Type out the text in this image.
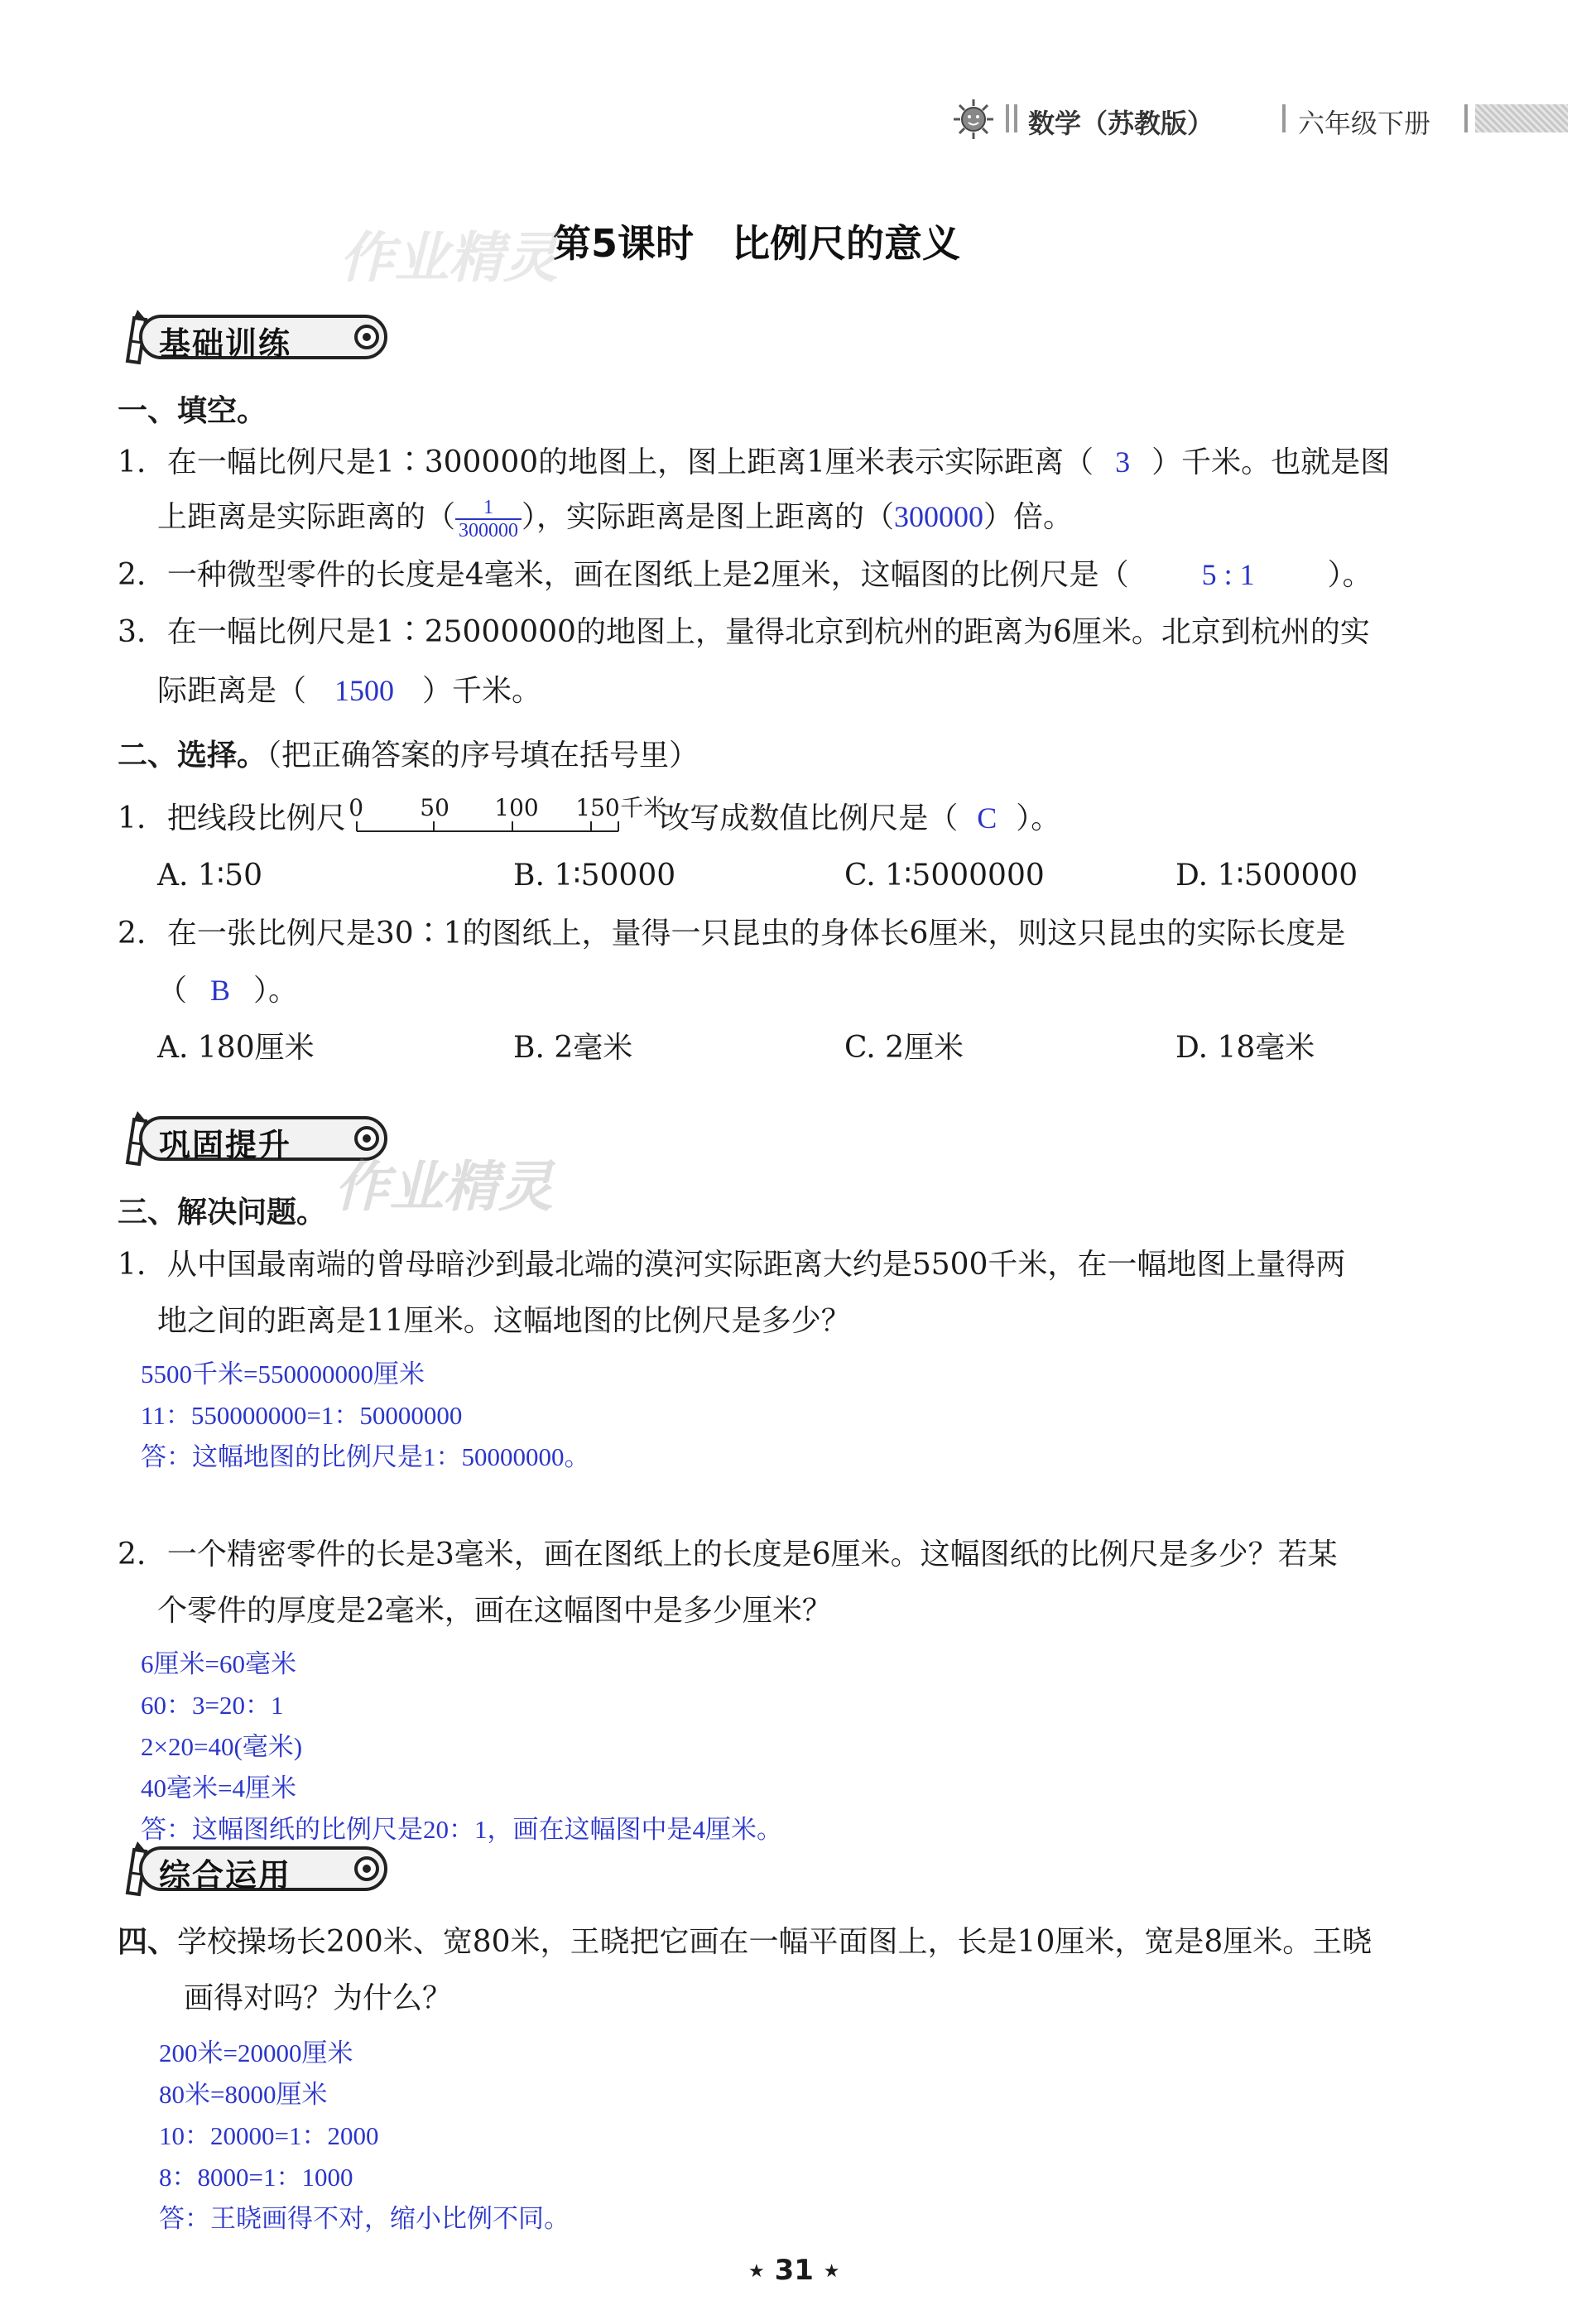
数学（苏教版）	六年级下册
第5课时　比例尺的意义
作业精灵
基础训练
一、填空。
1. 在一幅比例尺是1∶300000的地图上，图上距离1厘米表示实际距离（ 3 ）千米。也就是图
上距离是实际距离的（ $\frac{1}{300000}$ ），实际距离是图上距离的（300000）倍。
2. 一种微型零件的长度是4毫米，画在图纸上是2厘米，这幅图的比例尺是（ 5 : 1 ）。
3. 在一幅比例尺是1∶25000000的地图上，量得北京到杭州的距离为6厘米。北京到杭州的实
际距离是（ 1500 ）千米。
二、选择。（把正确答案的序号填在括号里）
1. 把线段比例尺 0 50 100 150 千米
改写成数值比例尺是（ C ）。
A. 1∶50	B. 1∶50000	C. 1∶5000000	D. 1∶500000
2. 在一张比例尺是30∶1的图纸上，量得一只昆虫的身体长6厘米，则这只昆虫的实际长度是
（ B ）。
A. 180厘米	B. 2毫米	C. 2厘米	D. 18毫米
巩固提升
作业精灵
三、解决问题。
1. 从中国最南端的曾母暗沙到最北端的漠河实际距离大约是5500千米，在一幅地图上量得两
地之间的距离是11厘米。这幅地图的比例尺是多少？
5500千米=550000000厘米
11：550000000=1：50000000
答：这幅地图的比例尺是1：50000000。
2. 一个精密零件的长是3毫米，画在图纸上的长度是6厘米。这幅图纸的比例尺是多少？若某
个零件的厚度是2毫米，画在这幅图中是多少厘米？
6厘米=60毫米
60：3=20：1
2×20=40(毫米)
40毫米=4厘米
答：这幅图纸的比例尺是20：1，画在这幅图中是4厘米。
综合运用
四、学校操场长200米、宽80米，王晓把它画在一幅平面图上，长是10厘米，宽是8厘米。王晓
画得对吗？为什么？
200米=20000厘米
80米=8000厘米
10：20000=1：2000
8：8000=1：1000
答：王晓画得不对，缩小比例不同。
★ 31 ★
